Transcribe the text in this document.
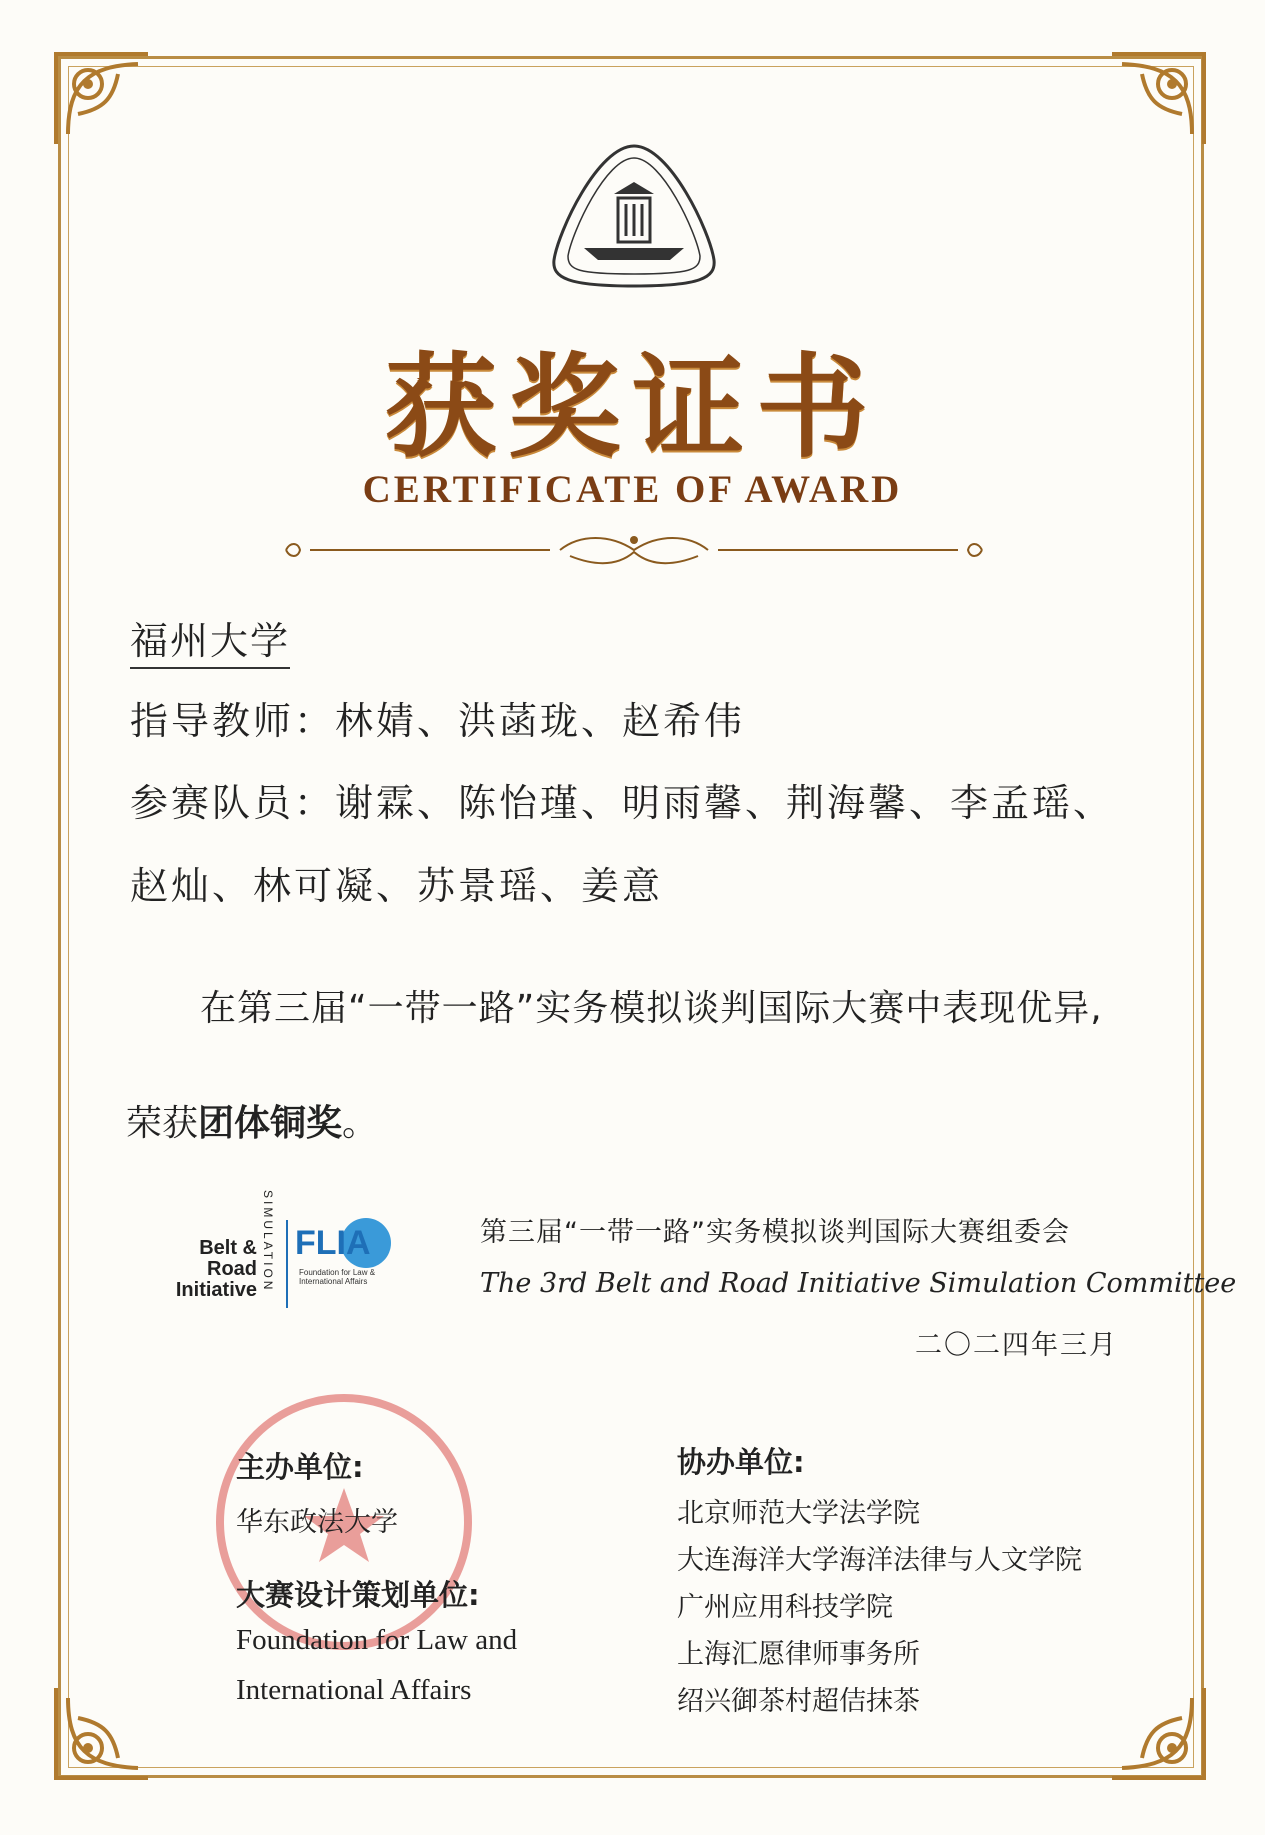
获奖证书
CERTIFICATE OF AWARD
福州大学
指导教师：林婧、洪菡珑、赵希伟
参赛队员：谢霖、陈怡瑾、明雨馨、荆海馨、李孟瑶、
赵灿、林可凝、苏景瑶、姜意
在第三届“一带一路”实务模拟谈判国际大赛中表现优异,
荣获团体铜奖。
Belt &
Road
Initiative SIMULATION FLIA
Foundation for Law & International Affairs
第三届“一带一路”实务模拟谈判国际大赛组委会
The 3rd Belt and Road Initiative Simulation Committee
二〇二四年三月
主办单位:
华东政法大学
大赛设计策划单位:
Foundation for Law and
International Affairs
协办单位:
北京师范大学法学院
大连海洋大学海洋法律与人文学院
广州应用科技学院
上海汇愿律师事务所
绍兴御茶村超佶抹茶
